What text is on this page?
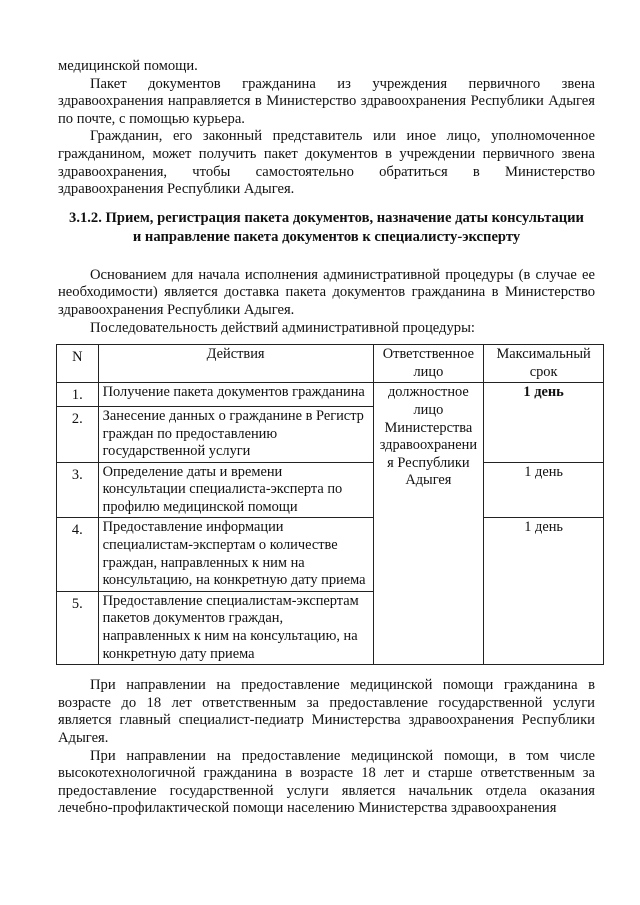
медицинской помощи.

Пакет документов гражданина из учреждения первичного звена здравоохранения направляется в Министерство здравоохранения Республики Адыгея по почте, с помощью курьера.

Гражданин, его законный представитель или иное лицо, уполномоченное гражданином, может получить пакет документов в учреждении первичного звена здравоохранения, чтобы самостоятельно обратиться в Министерство здравоохранения Республики Адыгея.

3.1.2. Прием, регистрация пакета документов, назначение даты консультации
и направление пакета документов к специалисту-эксперту

Основанием для начала исполнения административной процедуры (в случае ее необходимости) является доставка пакета документов гражданина в Министерство здравоохранения Республики Адыгея.

Последовательность действий административной процедуры:

N	Действия	Ответственное лицо	Максимальный срок
1.	Получение пакета документов гражданина	должностное лицо Министерства здравоохранени я Республики Адыгея	1 день
2.	Занесение данных о гражданине в Регистр граждан по предоставлению государственной услуги		
3.	Определение даты и времени консультации специалиста-эксперта по профилю медицинской помощи		1 день
4.	Предоставление информации специалистам-экспертам о количестве граждан, направленных к ним на консультацию, на конкретную дату приема		1 день
5.	Предоставление специалистам-экспертам пакетов документов граждан, направленных к ним на консультацию, на конкретную дату приема		

При направлении на предоставление медицинской помощи гражданина в возрасте до 18 лет ответственным за предоставление государственной услуги является главный специалист-педиатр Министерства здравоохранения Республики Адыгея.

При направлении на предоставление медицинской помощи, в том числе высокотехнологичной гражданина в возрасте 18 лет и старше ответственным за предоставление государственной услуги является начальник отдела оказания лечебно-профилактической помощи населению Министерства здравоохранения
